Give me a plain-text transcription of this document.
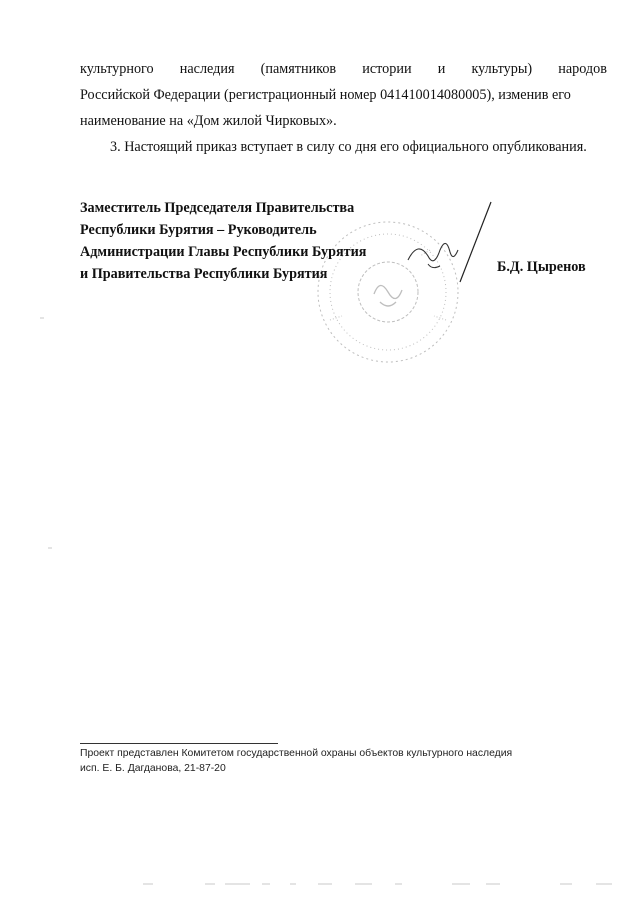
культурного наследия (памятников истории и культуры) народов
Российской Федерации (регистрационный номер 041410014080005), изменив его
наименование на «Дом жилой Чирковых».

3. Настоящий приказ вступает в силу со дня его официального опубликования.

Заместитель Председателя Правительства
Республики Бурятия – Руководитель
Администрации Главы Республики Бурятия
и Правительства Республики Бурятия	Б.Д. Цыренов
Проект представлен Комитетом государственной охраны объектов культурного наследия
исп. Е. Б. Дагданова, 21-87-20
